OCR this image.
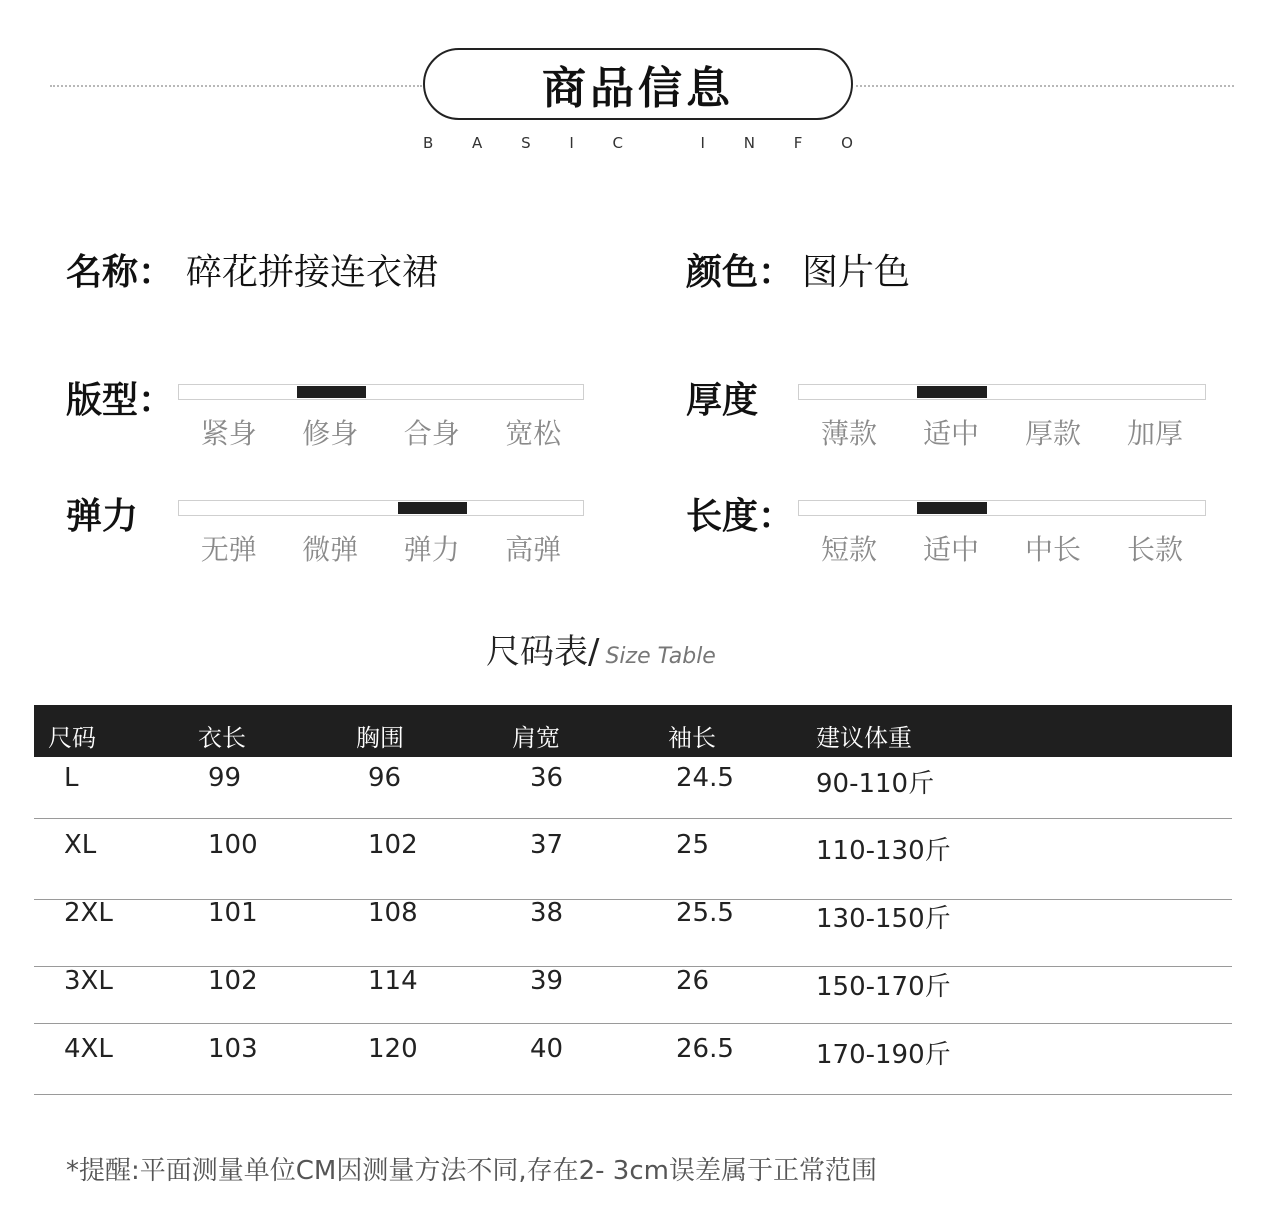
商品信息
B	A	S	I	C	I	N	F	O
名称： 碎花拼接连衣裙	颜色： 图片色
版型：
紧身	修身	合身	宽松
厚度
薄款	适中	厚款	加厚
弹力
无弹	微弹	弹力	高弹
长度：
短款	适中	中长	长款
尺码表/ Size Table
尺码	衣长	胸围	肩宽	袖长	建议体重
L	99	96	36	24.5	90-110斤
XL	100	102	37	25	110-130斤
2XL	101	108	38	25.5	130-150斤
3XL	102	114	39	26	150-170斤
4XL	103	120	40	26.5	170-190斤
*提醒:平面测量单位CM因测量方法不同,存在2- 3cm误差属于正常范围
